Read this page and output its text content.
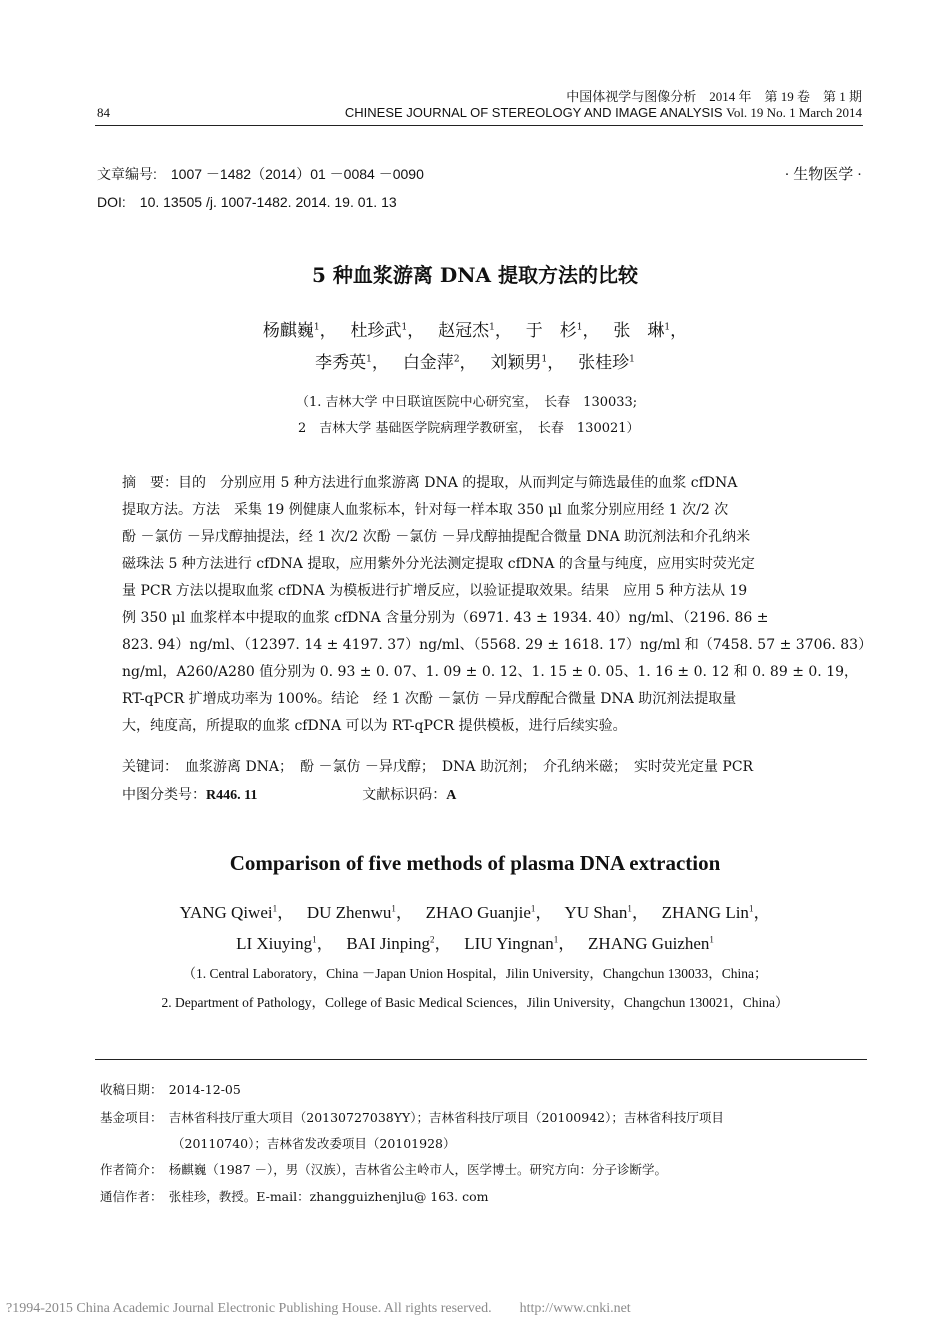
84
中国体视学与图像分析　2014 年　第 19 卷　第 1 期
CHINESE JOURNAL OF STEREOLOGY AND IMAGE ANALYSIS Vol. 19 No. 1 March 2014
文章编号:　1007 －1482（2014）01 －0084 －0090
DOI:　10. 13505 /j. 1007-1482. 2014. 19. 01. 13
· 生物医学 ·
5 种血浆游离 DNA 提取方法的比较
杨麒巍$^1$，　 杜珍武$^1$，　 赵冠杰$^1$，　 于　杉$^1$，　 张　琳$^1$，
李秀英$^1$，　 白金萍$^2$，　 刘颖男$^1$，　 张桂珍$^1$
（1. 吉林大学 中日联谊医院中心研究室，　长春　130033;
2　吉林大学 基础医学院病理学教研室，　长春　130021）
摘　要：目的　分别应用 5 种方法进行血浆游离 DNA 的提取，从而判定与筛选最佳的血浆 cfDNA
提取方法。方法　采集 19 例健康人血浆标本，针对每一样本取 350 μl 血浆分别应用经 1 次/2 次
酚 －氯仿 －异戊醇抽提法，经 1 次/2 次酚 －氯仿 －异戊醇抽提配合微量 DNA 助沉剂法和介孔纳米
磁珠法 5 种方法进行 cfDNA 提取，应用紫外分光法测定提取 cfDNA 的含量与纯度，应用实时荧光定
量 PCR 方法以提取血浆 cfDNA 为模板进行扩增反应，以验证提取效果。结果　应用 5 种方法从 19
例 350 μl 血浆样本中提取的血浆 cfDNA 含量分别为（6971. 43 ± 1934. 40）ng/ml、（2196. 86 ±
823. 94）ng/ml、（12397. 14 ± 4197. 37）ng/ml、（5568. 29 ± 1618. 17）ng/ml 和（7458. 57 ± 3706. 83）
ng/ml，A260/A280 值分别为 0. 93 ± 0. 07、1. 09 ± 0. 12、1. 15 ± 0. 05、1. 16 ± 0. 12 和 0. 89 ± 0. 19，
RT-qPCR 扩增成功率为 100%。结论　经 1 次酚 －氯仿 －异戊醇配合微量 DNA 助沉剂法提取量
大，纯度高，所提取的血浆 cfDNA 可以为 RT-qPCR 提供模板，进行后续实验。
关键词：　血浆游离 DNA；　酚 －氯仿 －异戊醇；　DNA 助沉剂；　介孔纳米磁；　实时荧光定量 PCR
中图分类号：R446. 11	文献标识码：A
Comparison of five methods of plasma DNA extraction
YANG Qiwei$^1$，　 DU Zhenwu$^1$，　 ZHAO Guanjie$^1$，　 YU Shan$^1$，　 ZHANG Lin$^1$，
LI Xiuying$^1$，　 BAI Jinping$^2$，　 LIU Yingnan$^1$，　 ZHANG Guizhen$^1$
（1. Central Laboratory，China －Japan Union Hospital，Jilin University，Changchun 130033，China；
2. Department of Pathology，College of Basic Medical Sciences，Jilin University，Changchun 130021，China）
收稿日期：　2014-12-05
基金项目：　吉林省科技厅重大项目（20130727038YY）；吉林省科技厅项目（20100942）；吉林省科技厅项目
（20110740）；吉林省发改委项目（20101928）
作者简介：　杨麒巍（1987 －），男（汉族），吉林省公主岭市人，医学博士。研究方向：分子诊断学。
通信作者：　张桂珍，教授。E-mail：zhangguizhenjlu@ 163. com
?1994-2015 China Academic Journal Electronic Publishing House. All rights reserved.　　http://www.cnki.net
